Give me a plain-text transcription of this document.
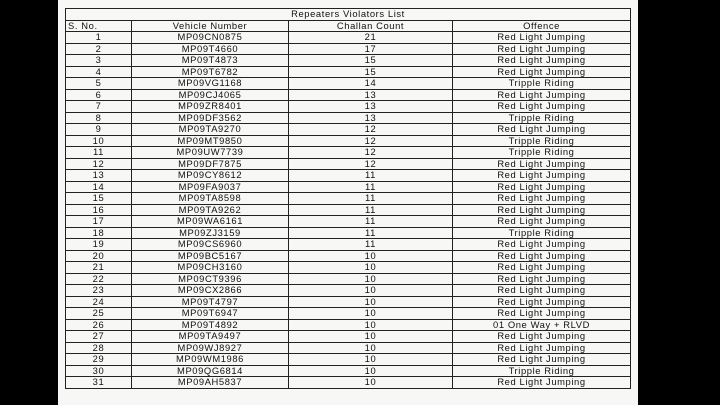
Repeaters Violators List			
S. No.	Vehicle Number	Challan Count	Offence
1	MP09CN0875	21	Red Light Jumping
2	MP09T4660	17	Red Light Jumping
3	MP09T4873	15	Red Light Jumping
4	MP09T6782	15	Red Light Jumping
5	MP09VG1168	14	Tripple Riding
6	MP09CJ4065	13	Red Light Jumping
7	MP09ZR8401	13	Red Light Jumping
8	MP09DF3562	13	Tripple Riding
9	MP09TA9270	12	Red Light Jumping
10	MP09MT9850	12	Tripple Riding
11	MP09UW7739	12	Tripple Riding
12	MP09DF7875	12	Red Light Jumping
13	MP09CY8612	11	Red Light Jumping
14	MP09FA9037	11	Red Light Jumping
15	MP09TA8598	11	Red Light Jumping
16	MP09TA9262	11	Red Light Jumping
17	MP09WA6161	11	Red Light Jumping
18	MP09ZJ3159	11	Tripple Riding
19	MP09CS6960	11	Red Light Jumping
20	MP09BC5167	10	Red Light Jumping
21	MP09CH3160	10	Red Light Jumping
22	MP09CT9396	10	Red Light Jumping
23	MP09CX2866	10	Red Light Jumping
24	MP09T4797	10	Red Light Jumping
25	MP09T6947	10	Red Light Jumping
26	MP09T4892	10	01 One Way + RLVD
27	MP09TA9497	10	Red Light Jumping
28	MP09WJ8927	10	Red Light Jumping
29	MP09WM1986	10	Red Light Jumping
30	MP09QG6814	10	Tripple Riding
31	MP09AH5837	10	Red Light Jumping
